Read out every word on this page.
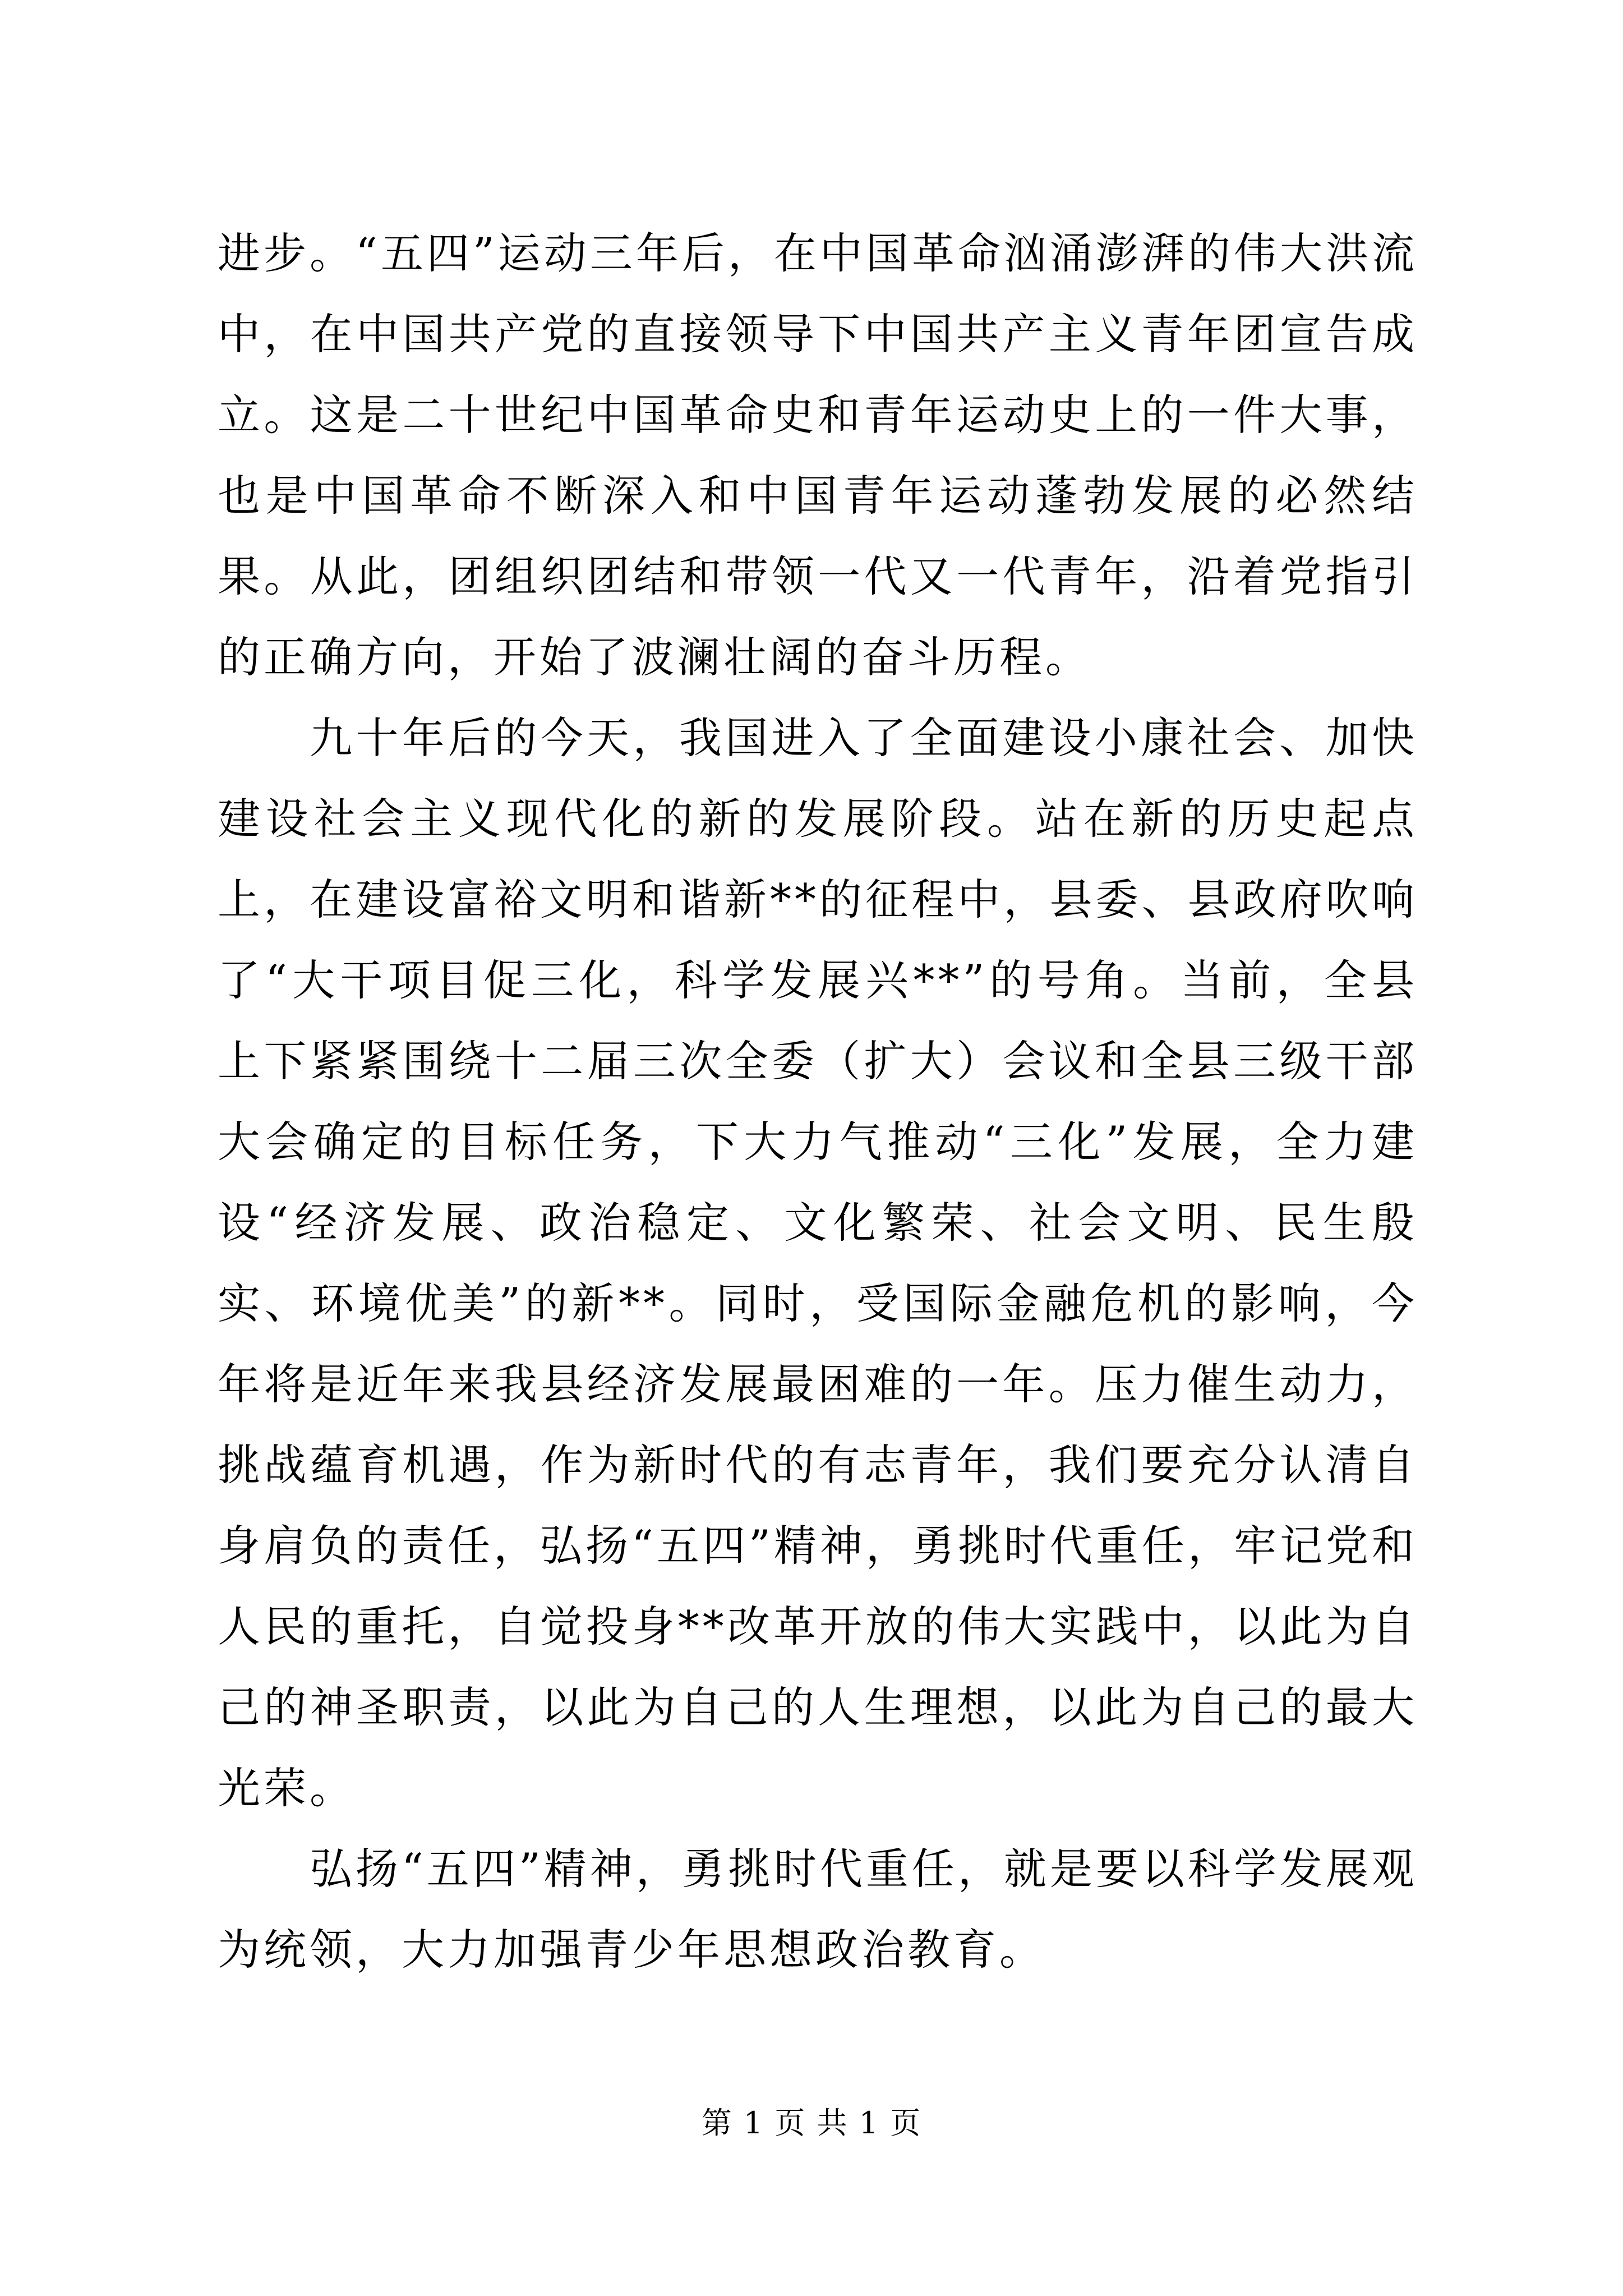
进步。“五四”运动三年后，在中国革命汹涌澎湃的伟大洪流中，在中国共产党的直接领导下中国共产主义青年团宣告成立。这是二十世纪中国革命史和青年运动史上的一件大事，也是中国革命不断深入和中国青年运动蓬勃发展的必然结果。从此，团组织团结和带领一代又一代青年，沿着党指引的正确方向，开始了波澜壮阔的奋斗历程。

九十年后的今天，我国进入了全面建设小康社会、加快建设社会主义现代化的新的发展阶段。站在新的历史起点上，在建设富裕文明和谐新**的征程中，县委、县政府吹响了“大干项目促三化，科学发展兴**”的号角。当前，全县上下紧紧围绕十二届三次全委（扩大）会议和全县三级干部大会确定的目标任务，下大力气推动“三化”发展，全力建设“经济发展、政治稳定、文化繁荣、社会文明、民生殷实、环境优美”的新**。同时，受国际金融危机的影响，今年将是近年来我县经济发展最困难的一年。压力催生动力，挑战蕴育机遇，作为新时代的有志青年，我们要充分认清自身肩负的责任，弘扬“五四”精神，勇挑时代重任，牢记党和人民的重托，自觉投身**改革开放的伟大实践中，以此为自己的神圣职责，以此为自己的人生理想，以此为自己的最大光荣。

弘扬“五四”精神，勇挑时代重任，就是要以科学发展观为统领，大力加强青少年思想政治教育。

第 1 页 共 1 页
